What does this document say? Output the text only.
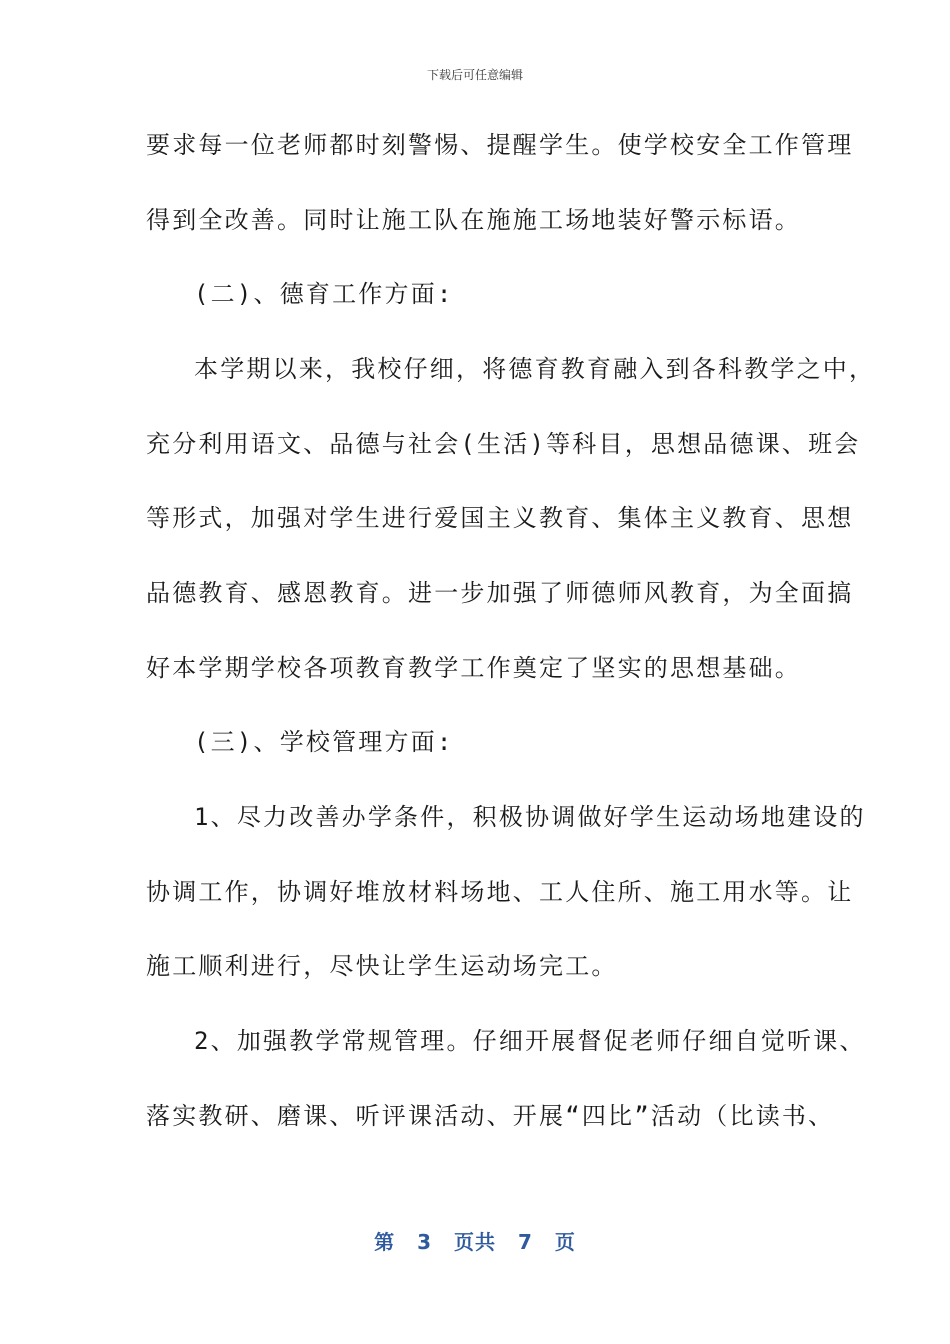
下载后可任意编辑
要求每一位老师都时刻警惕、提醒学生。使学校安全工作管理
得到全改善。同时让施工队在施施工场地装好警示标语。
(二)、德育工作方面:
本学期以来，我校仔细，将德育教育融入到各科教学之中，
充分利用语文、品德与社会(生活)等科目，思想品德课、班会
等形式，加强对学生进行爱国主义教育、集体主义教育、思想
品德教育、感恩教育。进一步加强了师德师风教育，为全面搞
好本学期学校各项教育教学工作奠定了坚实的思想基础。
(三)、学校管理方面:
1、尽力改善办学条件，积极协调做好学生运动场地建设的
协调工作，协调好堆放材料场地、工人住所、施工用水等。让
施工顺利进行，尽快让学生运动场完工。
2、加强教学常规管理。仔细开展督促老师仔细自觉听课、
落实教研、磨课、听评课活动、开展“四比”活动（比读书、
第 3 页共 7 页
